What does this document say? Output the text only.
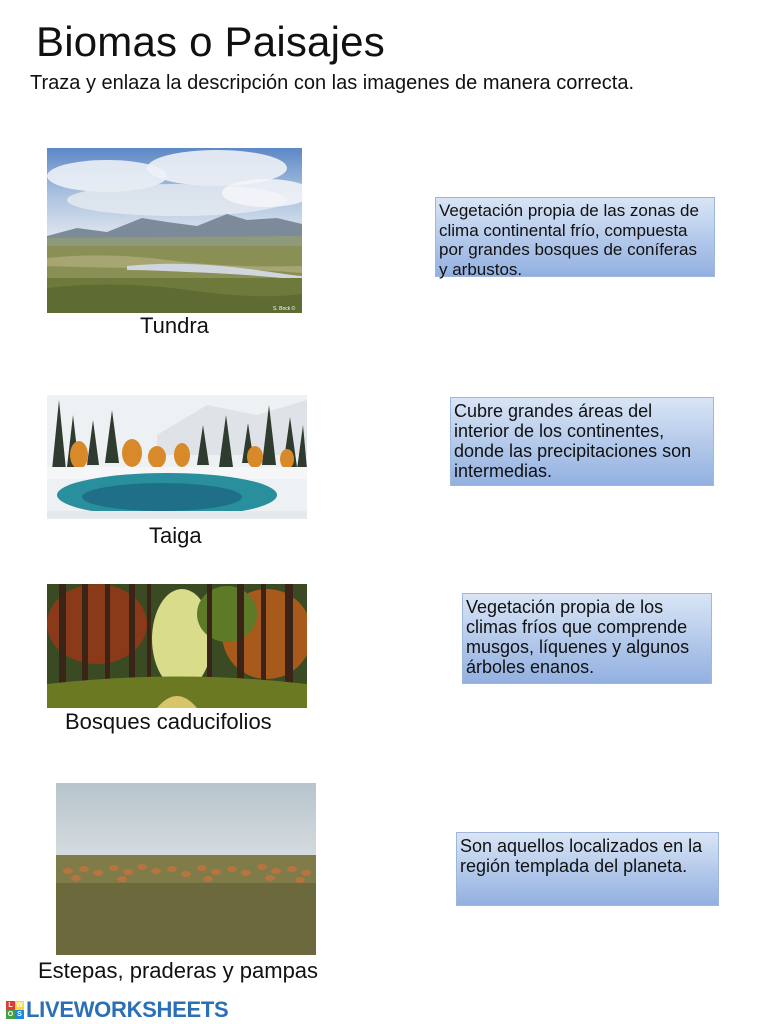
Biomas o Paisajes
Traza y enlaza la descripción con las imagenes de manera correcta.
S. Bock ©
Tundra
Taiga
Bosques caducifolios
Estepas, praderas y pampas
Vegetación propia de las zonas de clima continental frío, compuesta por grandes bosques de coníferas y arbustos.
Cubre grandes áreas del interior de los continentes, donde las precipitaciones son intermedias.
Vegetación propia de los climas fríos que comprende musgos, líquenes y algunos árboles enanos.
Son aquellos localizados en la región templada del planeta.
L W
O S LIVEWORKSHEETS
